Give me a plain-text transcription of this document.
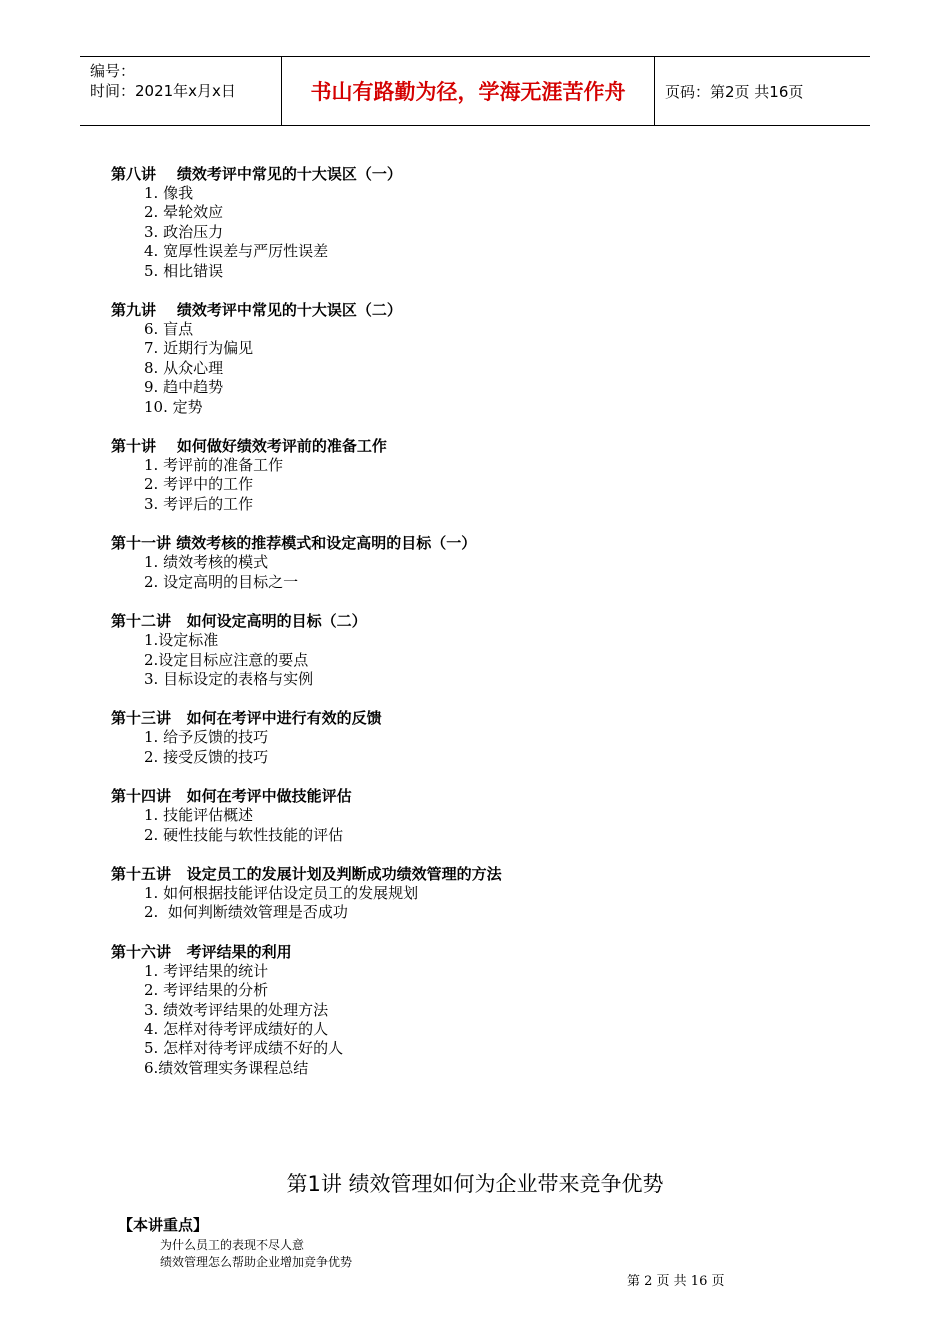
编号：
时间：2021年x月x日	书山有路勤为径，学海无涯苦作舟	页码：第2页 共16页
第八讲    绩效考评中常见的十大误区（一）
1. 像我
2. 晕轮效应
3. 政治压力
4. 宽厚性误差与严厉性误差
5. 相比错误
第九讲    绩效考评中常见的十大误区（二）
6. 盲点
7. 近期行为偏见
8. 从众心理
9. 趋中趋势
10. 定势
第十讲    如何做好绩效考评前的准备工作
1. 考评前的准备工作
2. 考评中的工作
3. 考评后的工作
第十一讲 绩效考核的推荐模式和设定高明的目标（一）
1. 绩效考核的模式
2. 设定高明的目标之一
第十二讲   如何设定高明的目标（二）
1.设定标准
2.设定目标应注意的要点
3. 目标设定的表格与实例
第十三讲   如何在考评中进行有效的反馈
1. 给予反馈的技巧
2. 接受反馈的技巧
第十四讲   如何在考评中做技能评估
1. 技能评估概述
2. 硬性技能与软性技能的评估
第十五讲   设定员工的发展计划及判断成功绩效管理的方法
1. 如何根据技能评估设定员工的发展规划
2.  如何判断绩效管理是否成功
第十六讲   考评结果的利用
1. 考评结果的统计
2. 考评结果的分析
3. 绩效考评结果的处理方法
4. 怎样对待考评成绩好的人
5. 怎样对待考评成绩不好的人
6.绩效管理实务课程总结
第1讲 绩效管理如何为企业带来竞争优势
【本讲重点】
为什么员工的表现不尽人意
绩效管理怎么帮助企业增加竞争优势
第 2 页 共 16 页
